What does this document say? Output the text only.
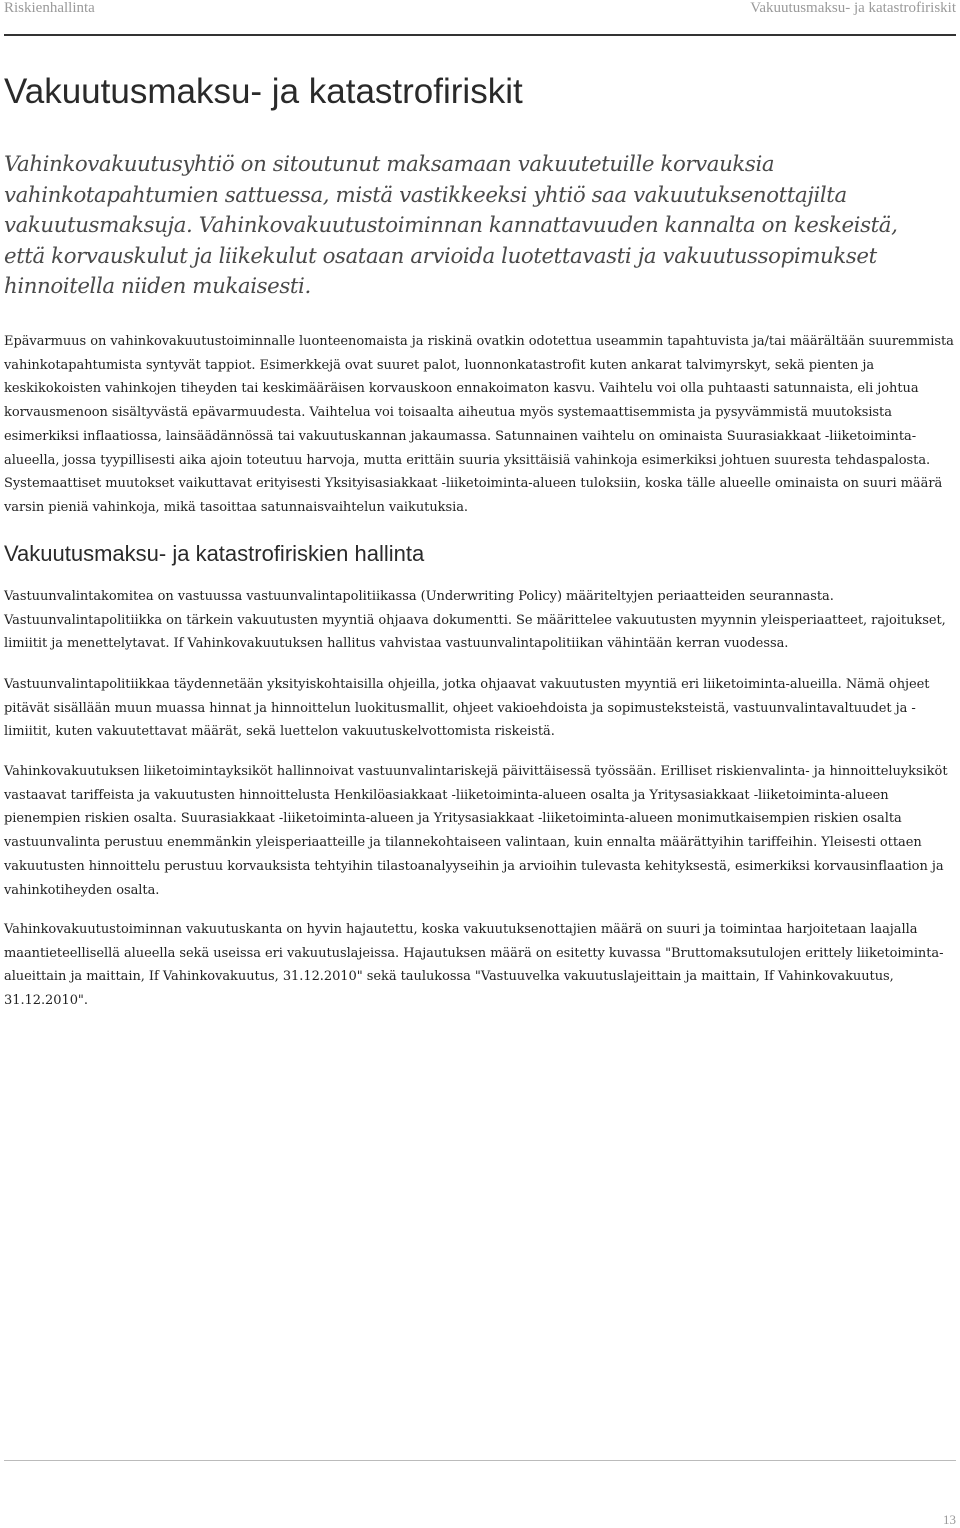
Riskienhallinta	Vakuutusmaksu- ja katastrofiriskit
Vakuutusmaksu- ja katastrofiriskit

Vahinkovakuutusyhtiö on sitoutunut maksamaan vakuutetuille korvauksia vahinkotapahtumien sattuessa, mistä vastikkeeksi yhtiö saa vakuutuksenottajilta vakuutusmaksuja. Vahinkovakuutustoiminnan kannattavuuden kannalta on keskeistä, että korvauskulut ja liikekulut osataan arvioida luotettavasti ja vakuutussopimukset hinnoitella niiden mukaisesti.

Epävarmuus on vahinkovakuutustoiminnalle luonteenomaista ja riskinä ovatkin odotettua useammin tapahtuvista ja/tai määrältään suuremmista vahinkotapahtumista syntyvät tappiot. Esimerkkejä ovat suuret palot, luonnonkatastrofit kuten ankarat talvimyrskyt, sekä pienten ja keskikokoisten vahinkojen tiheyden tai keskimääräisen korvauskoon ennakoimaton kasvu. Vaihtelu voi olla puhtaasti satunnaista, eli johtua korvausmenoon sisältyvästä epävarmuudesta. Vaihtelua voi toisaalta aiheutua myös systemaattisemmista ja pysyvämmistä muutoksista esimerkiksi inflaatiossa, lainsäädännössä tai vakuutuskannan jakaumassa. Satunnainen vaihtelu on ominaista Suurasiakkaat -liiketoiminta-alueella, jossa tyypillisesti aika ajoin toteutuu harvoja, mutta erittäin suuria yksittäisiä vahinkoja esimerkiksi johtuen suuresta tehdaspalosta. Systemaattiset muutokset vaikuttavat erityisesti Yksityisasiakkaat -liiketoiminta-alueen tuloksiin, koska tälle alueelle ominaista on suuri määrä varsin pieniä vahinkoja, mikä tasoittaa satunnaisvaihtelun vaikutuksia.

Vakuutusmaksu- ja katastrofiriskien hallinta

Vastuunvalintakomitea on vastuussa vastuunvalintapolitiikassa (Underwriting Policy) määriteltyjen periaatteiden seurannasta. Vastuunvalintapolitiikka on tärkein vakuutusten myyntiä ohjaava dokumentti. Se määrittelee vakuutusten myynnin yleisperiaatteet, rajoitukset, limiitit ja menettelytavat. If Vahinkovakuutuksen hallitus vahvistaa vastuunvalintapolitiikan vähintään kerran vuodessa.

Vastuunvalintapolitiikkaa täydennetään yksityiskohtaisilla ohjeilla, jotka ohjaavat vakuutusten myyntiä eri liiketoiminta-alueilla. Nämä ohjeet pitävät sisällään muun muassa hinnat ja hinnoittelun luokitusmallit, ohjeet vakioehdoista ja sopimusteksteistä, vastuunvalintavaltuudet ja -limiitit, kuten vakuutettavat määrät, sekä luettelon vakuutuskelvottomista riskeistä.

Vahinkovakuutuksen liiketoimintayksiköt hallinnoivat vastuunvalintariskejä päivittäisessä työssään. Erilliset riskienvalinta- ja hinnoitteluyksiköt vastaavat tariffeista ja vakuutusten hinnoittelusta Henkilöasiakkaat -liiketoiminta-alueen osalta ja Yritysasiakkaat -liiketoiminta-alueen pienempien riskien osalta. Suurasiakkaat -liiketoiminta-alueen ja Yritysasiakkaat -liiketoiminta-alueen monimutkaisempien riskien osalta vastuunvalinta perustuu enemmänkin yleisperiaatteille ja tilannekohtaiseen valintaan, kuin ennalta määrättyihin tariffeihin. Yleisesti ottaen vakuutusten hinnoittelu perustuu korvauksista tehtyihin tilastoanalyyseihin ja arvioihin tulevasta kehityksestä, esimerkiksi korvausinflaation ja vahinkotiheyden osalta.

Vahinkovakuutustoiminnan vakuutuskanta on hyvin hajautettu, koska vakuutuksenottajien määrä on suuri ja toimintaa harjoitetaan laajalla maantieteellisellä alueella sekä useissa eri vakuutuslajeissa. Hajautuksen määrä on esitetty kuvassa "Bruttomaksutulojen erittely liiketoiminta-alueittain ja maittain, If Vahinkovakuutus, 31.12.2010" sekä taulukossa "Vastuuvelka vakuutuslajeittain ja maittain, If Vahinkovakuutus, 31.12.2010".

13
